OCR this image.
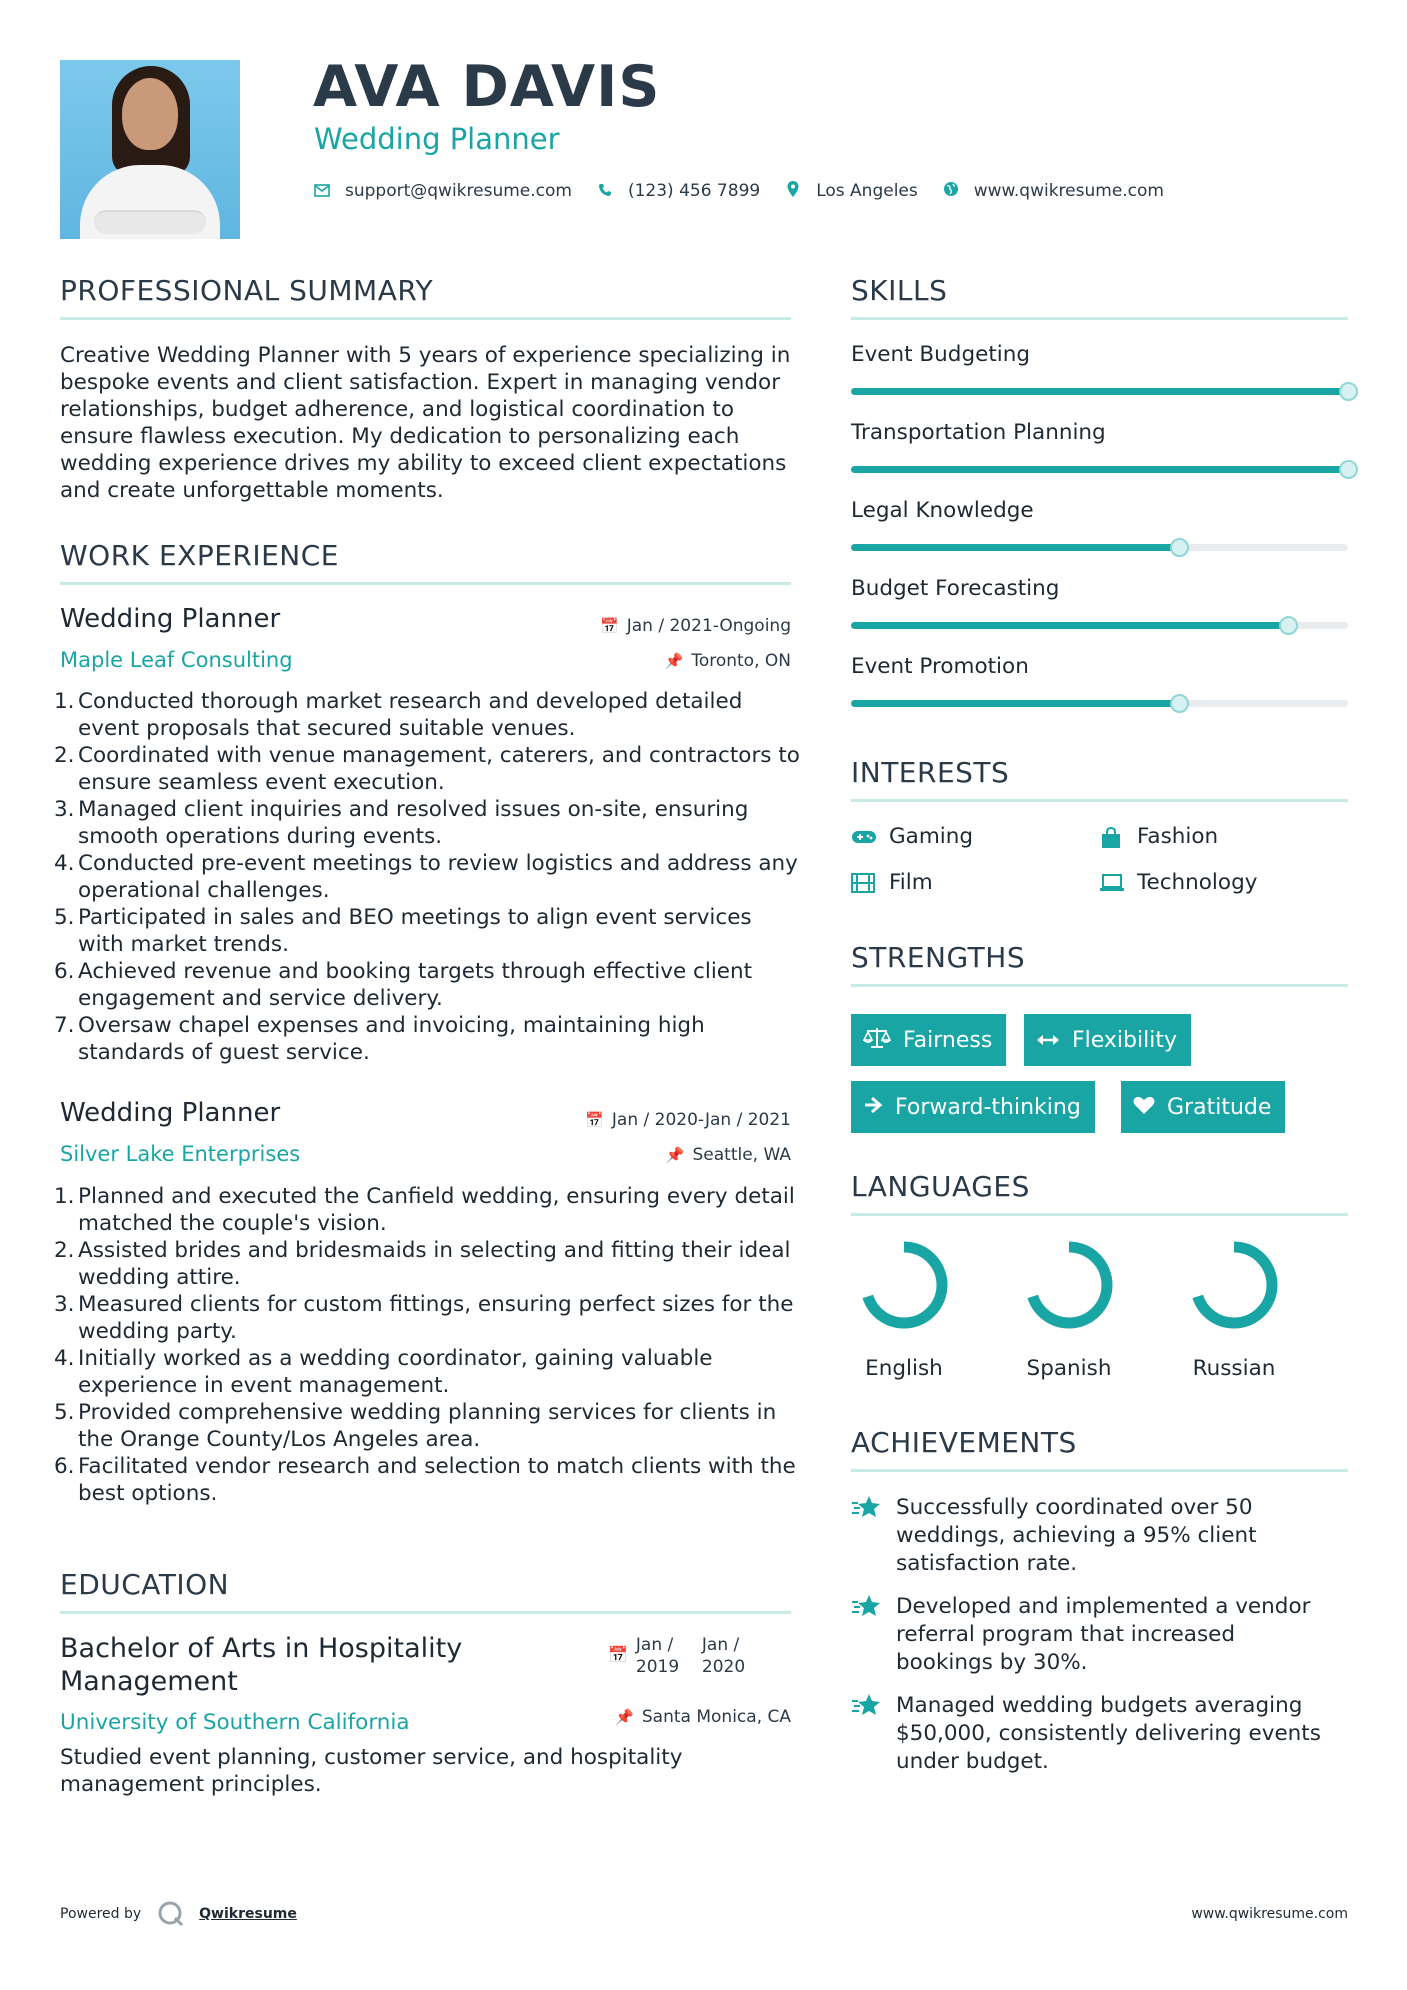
AVA DAVIS
Wedding Planner
support@qwikresume.com	(123) 456 7899	Los Angeles	www.qwikresume.com
PROFESSIONAL SUMMARY
Creative Wedding Planner with 5 years of experience specializing in bespoke events and client satisfaction. Expert in managing vendor relationships, budget adherence, and logistical coordination to ensure flawless execution. My dedication to personalizing each wedding experience drives my ability to exceed client expectations and create unforgettable moments.
WORK EXPERIENCE
Wedding Planner	📅 Jan / 2021-Ongoing
Maple Leaf Consulting	📌 Toronto, ON
1. Conducted thorough market research and developed detailed event proposals that secured suitable venues.
2. Coordinated with venue management, caterers, and contractors to ensure seamless event execution.
3. Managed client inquiries and resolved issues on-site, ensuring smooth operations during events.
4. Conducted pre-event meetings to review logistics and address any operational challenges.
5. Participated in sales and BEO meetings to align event services with market trends.
6. Achieved revenue and booking targets through effective client engagement and service delivery.
7. Oversaw chapel expenses and invoicing, maintaining high standards of guest service.
Wedding Planner	📅 Jan / 2020-Jan / 2021
Silver Lake Enterprises	📌 Seattle, WA
1. Planned and executed the Canfield wedding, ensuring every detail matched the couple's vision.
2. Assisted brides and bridesmaids in selecting and fitting their ideal wedding attire.
3. Measured clients for custom fittings, ensuring perfect sizes for the wedding party.
4. Initially worked as a wedding coordinator, gaining valuable experience in event management.
5. Provided comprehensive wedding planning services for clients in the Orange County/Los Angeles area.
6. Facilitated vendor research and selection to match clients with the best options.
EDUCATION
Bachelor of Arts in Hospitality Management
📅 Jan /
2019
Jan /
2020
University of Southern California	📌 Santa Monica, CA
Studied event planning, customer service, and hospitality management principles.
SKILLS
Event Budgeting
Transportation Planning
Legal Knowledge
Budget Forecasting
Event Promotion
INTERESTS
Gaming	Fashion
Film	Technology
STRENGTHS
Fairness	Flexibility
Forward-thinking	Gratitude
LANGUAGES
English	Spanish	Russian
ACHIEVEMENTS
Successfully coordinated over 50 weddings, achieving a 95% client satisfaction rate.
Developed and implemented a vendor referral program that increased bookings by 30%.
Managed wedding budgets averaging $50,000, consistently delivering events under budget.
Powered by	Qwikresume	www.qwikresume.com
